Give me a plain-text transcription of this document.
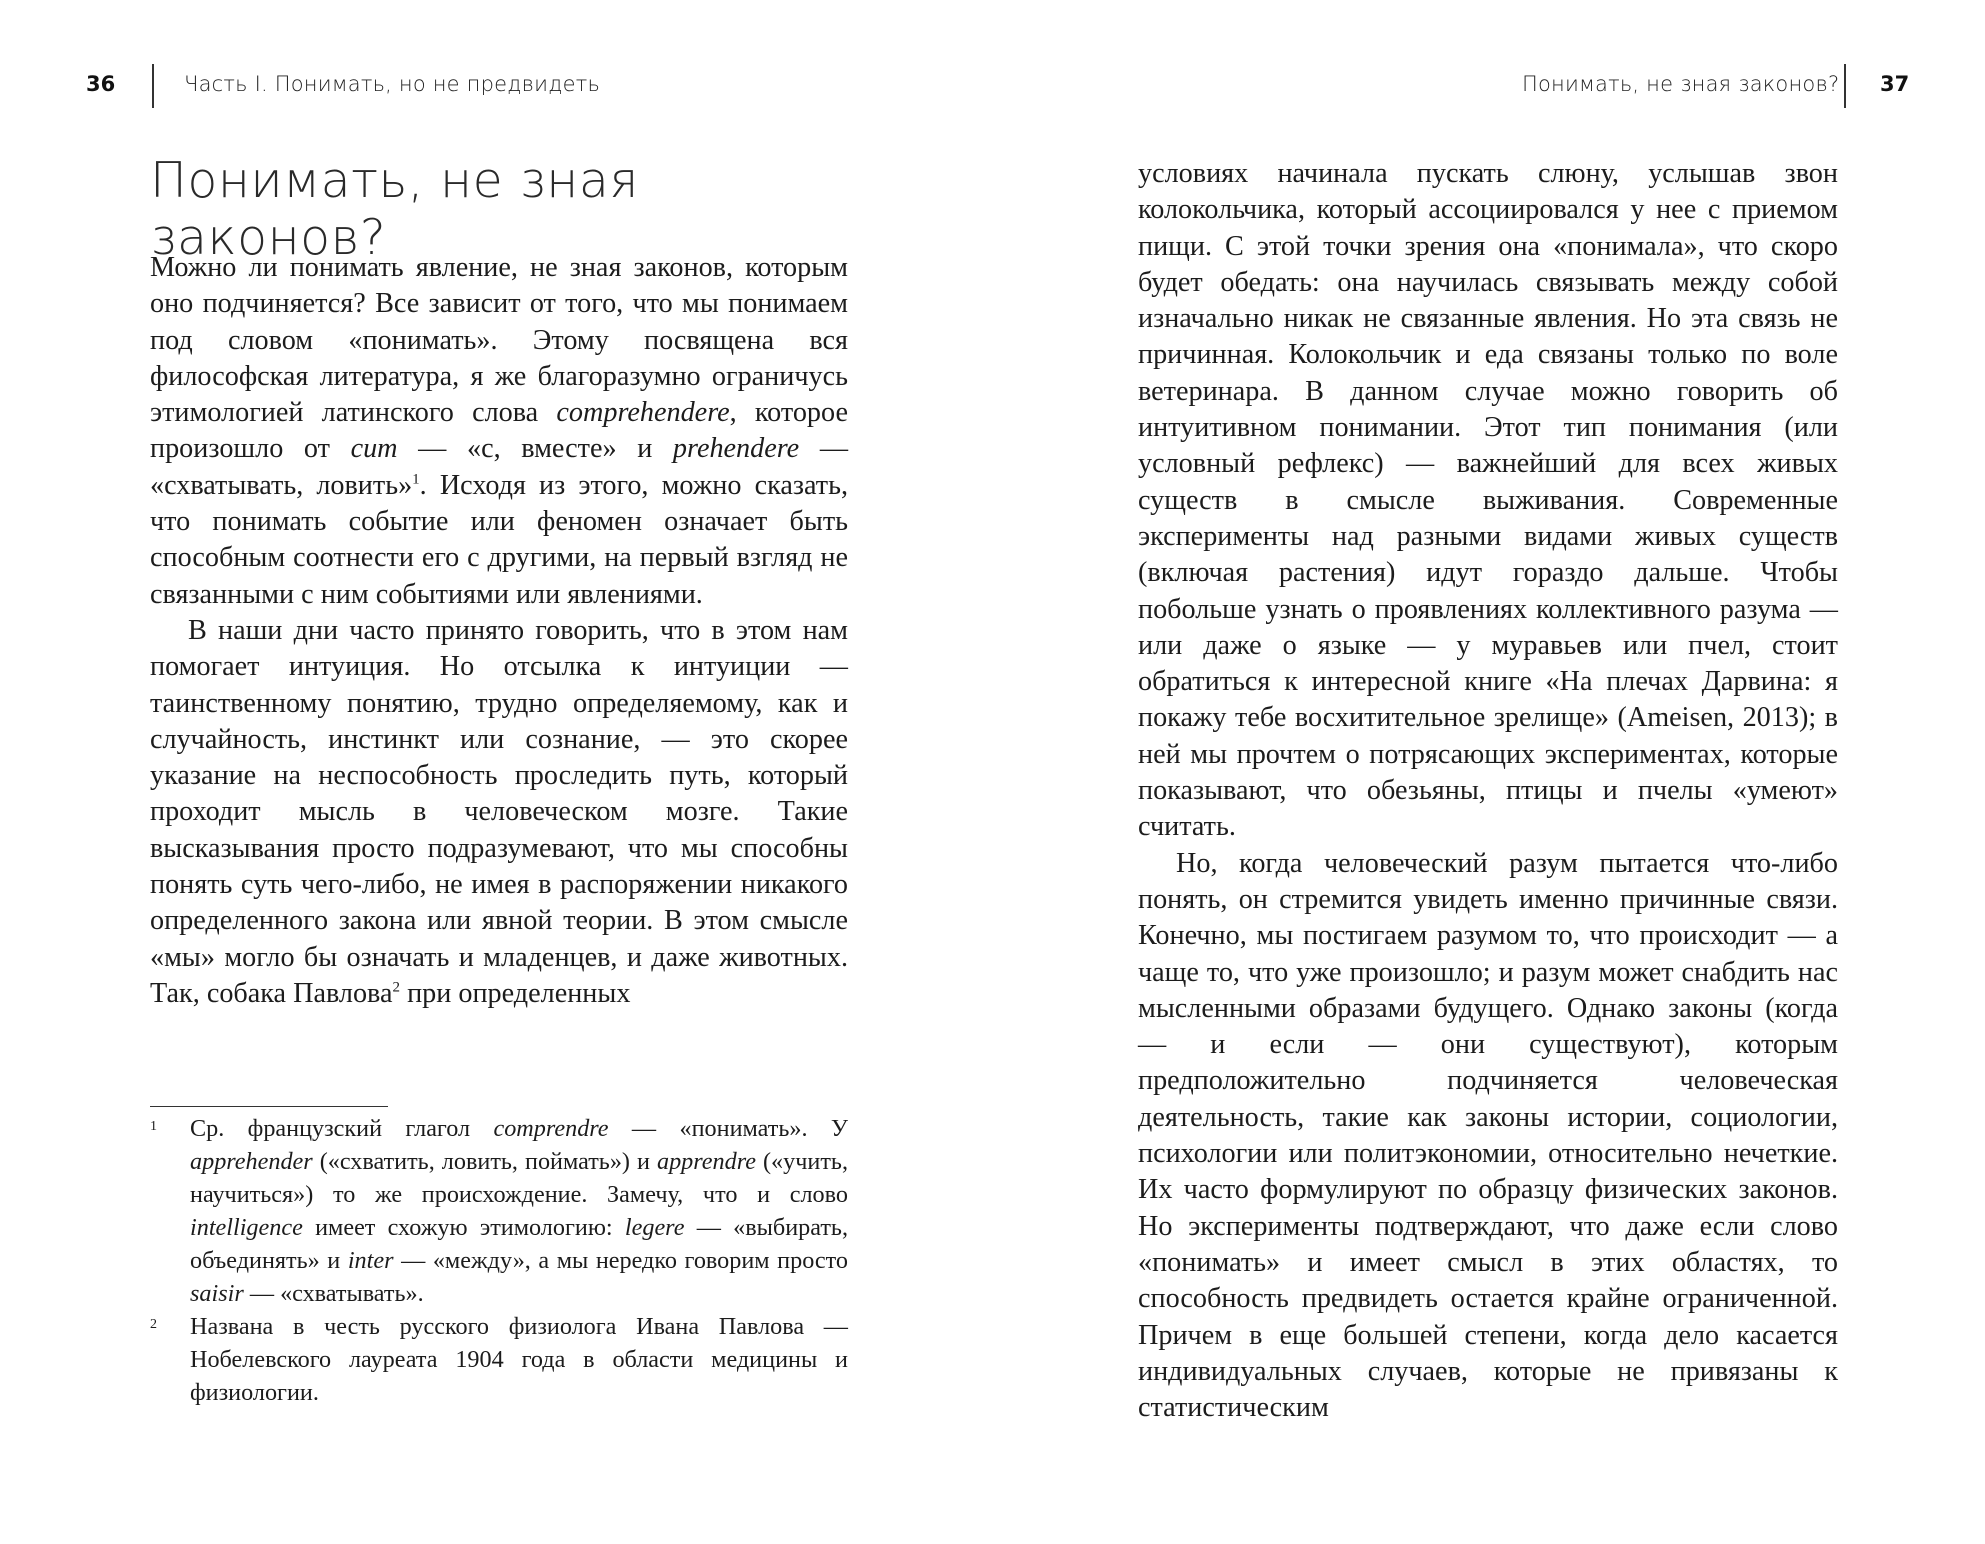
36	Часть I. Понимать, но не предвидеть
Понимать, не зная законов?

Можно ли понимать явление, не зная законов, которым оно подчиняется? Все зависит от того, что мы понимаем под словом «понимать». Этому посвящена вся философская литература, я же благоразумно ограничусь этимологией латинского слова comprehendere, которое произошло от cum — «с, вместе» и prehendere — «схватывать, ловить»$^1$. Исходя из этого, можно сказать, что понимать событие или феномен означает быть способным соотнести его с другими, на первый взгляд не связанными с ним событиями или явлениями.

В наши дни часто принято говорить, что в этом нам помогает интуиция. Но отсылка к интуиции — таинственному понятию, трудно определяемому, как и случайность, инстинкт или сознание, — это скорее указание на неспособность проследить путь, который проходит мысль в человеческом мозге. Такие высказывания просто подразумевают, что мы способны понять суть чего-либо, не имея в распоряжении никакого определенного закона или явной теории. В этом смысле «мы» могло бы означать и младенцев, и даже животных. Так, собака Павлова$^2$ при определенных

1 Ср. французский глагол comprendre — «понимать». У apprehender («схватить, ловить, поймать») и apprendre («учить, научиться») то же происхождение. Замечу, что и слово intelligence имеет схожую этимологию: legere — «выбирать, объединять» и inter — «между», а мы нередко говорим просто saisir — «схватывать».
2 Названа в честь русского физиолога Ивана Павлова — Нобелевского лауреата 1904 года в области медицины и физиологии.
Понимать, не зная законов? 37

условиях начинала пускать слюну, услышав звон колокольчика, который ассоциировался у нее с приемом пищи. С этой точки зрения она «понимала», что скоро будет обедать: она научилась связывать между собой изначально никак не связанные явления. Но эта связь не причинная. Колокольчик и еда связаны только по воле ветеринара. В данном случае можно говорить об интуитивном понимании. Этот тип понимания (или условный рефлекс) — важнейший для всех живых существ в смысле выживания. Современные эксперименты над разными видами живых существ (включая растения) идут гораздо дальше. Чтобы побольше узнать о проявлениях коллективного разума — или даже о языке — у муравьев или пчел, стоит обратиться к интересной книге «На плечах Дарвина: я покажу тебе восхитительное зрелище» (Ameisen, 2013); в ней мы прочтем о потрясающих экспериментах, которые показывают, что обезьяны, птицы и пчелы «умеют» считать.

Но, когда человеческий разум пытается что-либо понять, он стремится увидеть именно причинные связи. Конечно, мы постигаем разумом то, что происходит — а чаще то, что уже произошло; и разум может снабдить нас мысленными образами будущего. Однако законы (когда — и если — они существуют), которым предположительно подчиняется человеческая деятельность, такие как законы истории, социологии, психологии или политэкономии, относительно нечеткие. Их часто формулируют по образцу физических законов. Но эксперименты подтверждают, что даже если слово «понимать» и имеет смысл в этих областях, то способность предвидеть остается крайне ограниченной. Причем в еще большей степени, когда дело касается индивидуальных случаев, которые не привязаны к статистическим
